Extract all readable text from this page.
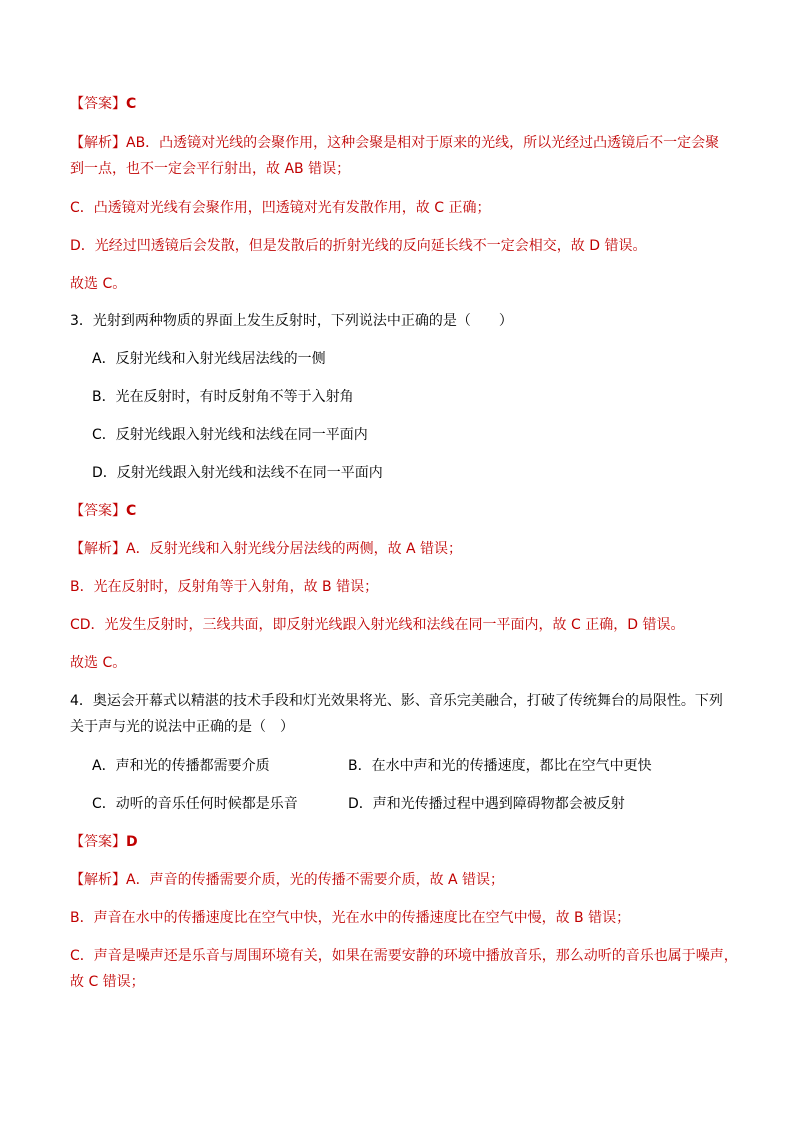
【答案】C
【解析】AB．凸透镜对光线的会聚作用，这种会聚是相对于原来的光线，所以光经过凸透镜后不一定会聚
到一点，也不一定会平行射出，故 AB 错误；
C．凸透镜对光线有会聚作用，凹透镜对光有发散作用，故 C 正确；
D．光经过凹透镜后会发散，但是发散后的折射光线的反向延长线不一定会相交，故 D 错误。
故选 C。
3．光射到两种物质的界面上发生反射时，下列说法中正确的是（　　）
A．反射光线和入射光线居法线的一侧
B．光在反射时，有时反射角不等于入射角
C．反射光线跟入射光线和法线在同一平面内
D．反射光线跟入射光线和法线不在同一平面内
【答案】C
【解析】A．反射光线和入射光线分居法线的两侧，故 A 错误；
B．光在反射时，反射角等于入射角，故 B 错误；
CD．光发生反射时，三线共面，即反射光线跟入射光线和法线在同一平面内，故 C 正确，D 错误。
故选 C。
4．奥运会开幕式以精湛的技术手段和灯光效果将光、影、音乐完美融合，打破了传统舞台的局限性。下列
关于声与光的说法中正确的是（　）
A．声和光的传播都需要介质	B．在水中声和光的传播速度，都比在空气中更快
C．动听的音乐任何时候都是乐音	D．声和光传播过程中遇到障碍物都会被反射
【答案】D
【解析】A．声音的传播需要介质，光的传播不需要介质，故 A 错误；
B．声音在水中的传播速度比在空气中快，光在水中的传播速度比在空气中慢，故 B 错误；
C．声音是噪声还是乐音与周围环境有关，如果在需要安静的环境中播放音乐，那么动听的音乐也属于噪声，
故 C 错误；
